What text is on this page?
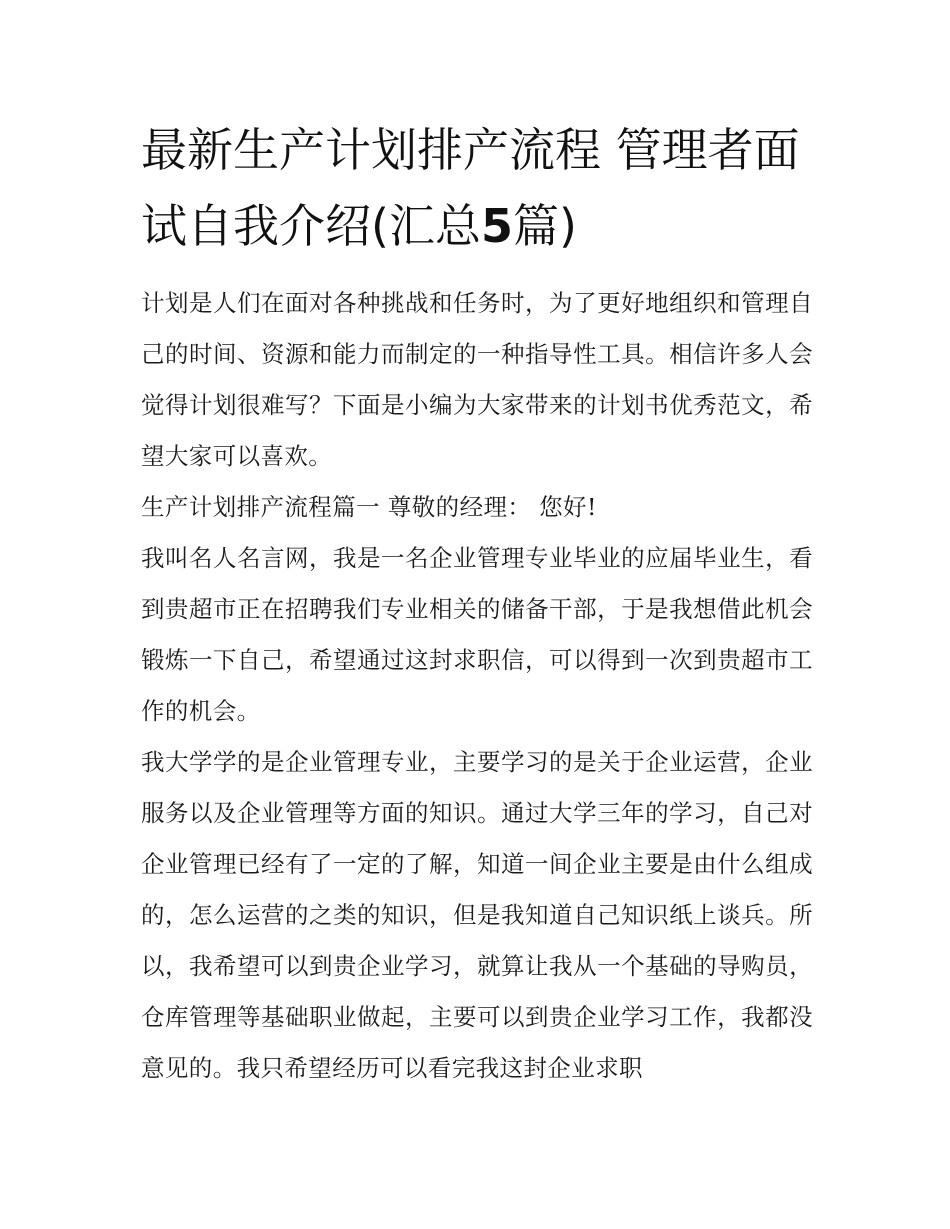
最新生产计划排产流程 管理者面试自我介绍(汇总5篇)

计划是人们在面对各种挑战和任务时，为了更好地组织和管理自己的时间、资源和能力而制定的一种指导性工具。相信许多人会觉得计划很难写？下面是小编为大家带来的计划书优秀范文，希望大家可以喜欢。

生产计划排产流程篇一 尊敬的经理： 您好!

我叫名人名言网，我是一名企业管理专业毕业的应届毕业生，看到贵超市正在招聘我们专业相关的储备干部，于是我想借此机会锻炼一下自己，希望通过这封求职信，可以得到一次到贵超市工作的机会。

我大学学的是企业管理专业，主要学习的是关于企业运营，企业服务以及企业管理等方面的知识。通过大学三年的学习，自己对企业管理已经有了一定的了解，知道一间企业主要是由什么组成的，怎么运营的之类的知识，但是我知道自己知识纸上谈兵。所以，我希望可以到贵企业学习，就算让我从一个基础的导购员，仓库管理等基础职业做起，主要可以到贵企业学习工作，我都没意见的。我只希望经历可以看完我这封企业求职
